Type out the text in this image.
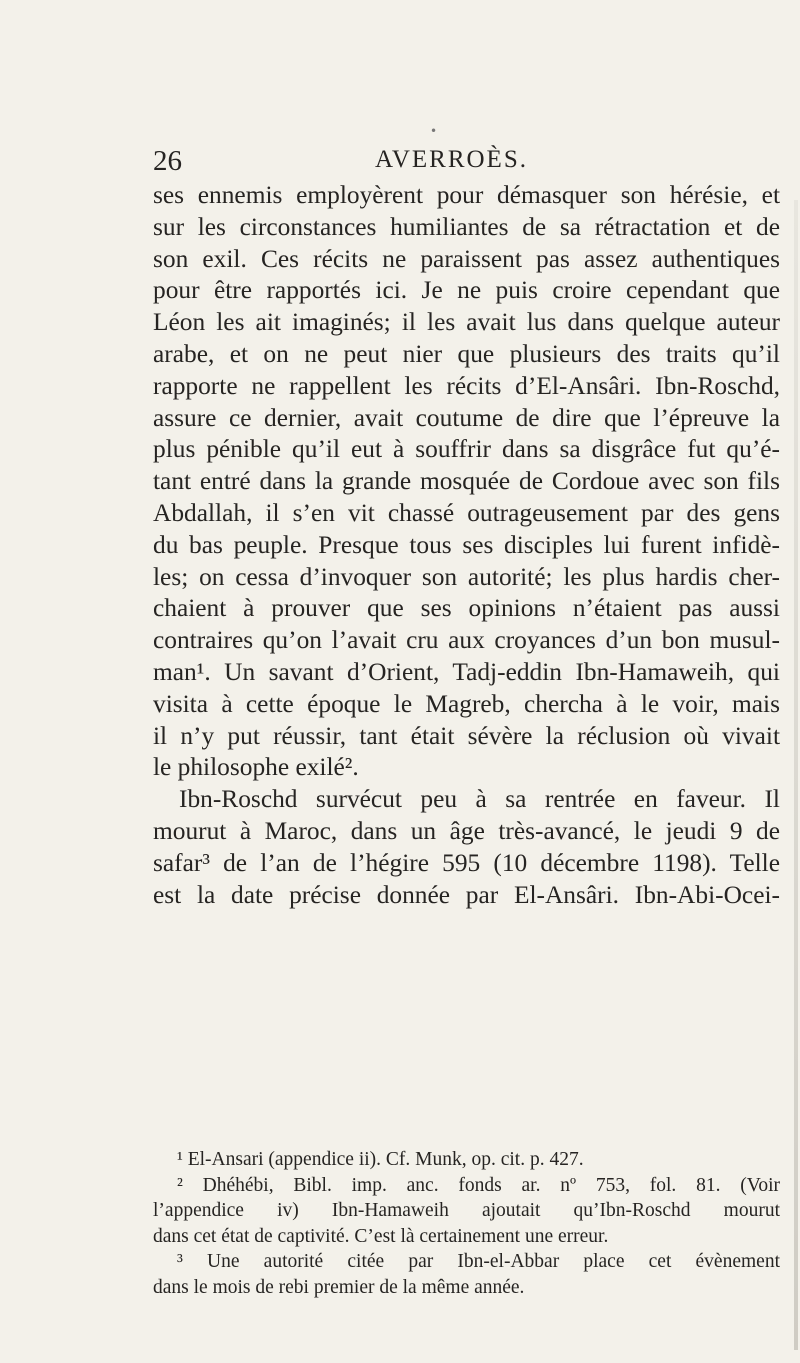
•
26	AVERROÈS.
ses ennemis employèrent pour démasquer son hérésie, et
sur les circonstances humiliantes de sa rétractation et de
son exil. Ces récits ne paraissent pas assez authentiques
pour être rapportés ici. Je ne puis croire cependant que
Léon les ait imaginés; il les avait lus dans quelque auteur
arabe, et on ne peut nier que plusieurs des traits qu’il
rapporte ne rappellent les récits d’El-Ansâri. Ibn-Roschd,
assure ce dernier, avait coutume de dire que l’épreuve la
plus pénible qu’il eut à souffrir dans sa disgrâce fut qu’é-
tant entré dans la grande mosquée de Cordoue avec son fils
Abdallah, il s’en vit chassé outrageusement par des gens
du bas peuple. Presque tous ses disciples lui furent infidè-
les; on cessa d’invoquer son autorité; les plus hardis cher-
chaient à prouver que ses opinions n’étaient pas aussi
contraires qu’on l’avait cru aux croyances d’un bon musul-
man¹. Un savant d’Orient, Tadj-eddin Ibn-Hamaweih, qui
visita à cette époque le Magreb, chercha à le voir, mais
il n’y put réussir, tant était sévère la réclusion où vivait
le philosophe exilé².
Ibn-Roschd survécut peu à sa rentrée en faveur. Il
mourut à Maroc, dans un âge très-avancé, le jeudi 9 de
safar³ de l’an de l’hégire 595 (10 décembre 1198). Telle
est la date précise donnée par El-Ansâri. Ibn-Abi-Ocei-
¹ El-Ansari (appendice ii). Cf. Munk, op. cit. p. 427.
² Dhéhébi, Bibl. imp. anc. fonds ar. nº 753, fol. 81. (Voir
l’appendice iv) Ibn-Hamaweih ajoutait qu’Ibn-Roschd mourut
dans cet état de captivité. C’est là certainement une erreur.
³ Une autorité citée par Ibn-el-Abbar place cet évènement
dans le mois de rebi premier de la même année.
